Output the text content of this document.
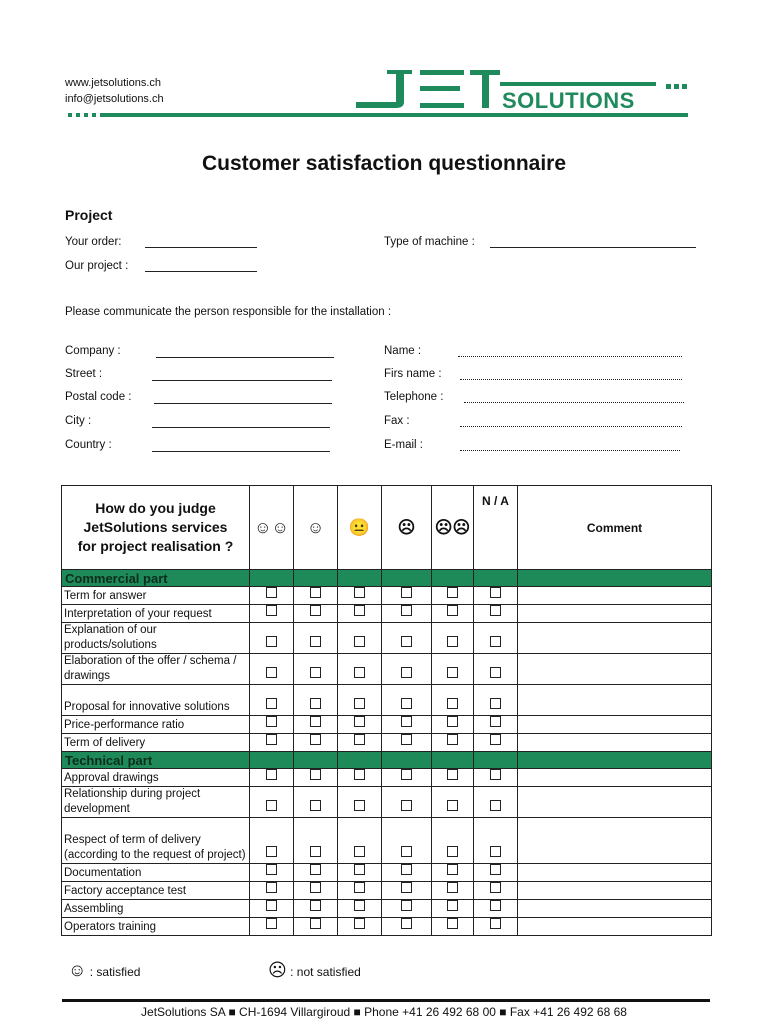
www.jetsolutions.ch
info@jetsolutions.ch	SOLUTIONS
Customer satisfaction questionnaire
Project
Your order:
Our project :
Type of machine :
Please communicate the person responsible for the installation :
Company :
Street :
Postal code :
City :
Country :
Name :
Firs name :
Telephone :
Fax :
E-mail :
How do you judge
JetSolutions services
for project realisation ?	☺☺	☺	😐	☹	☹☹	N / A	Comment
Commercial part							
Term for answer							
Interpretation of your request							
Explanation of our products/solutions							
Elaboration of the offer / schema / drawings							
Proposal for innovative solutions							
Price-performance ratio							
Term of delivery							
Technical part							
Approval drawings							
Relationship during project development							
Respect of term of delivery (according to the request of project)							
Documentation							
Factory acceptance test							
Assembling							
Operators training							
☺ : satisfied	☹ : not satisfied
JetSolutions SA ■ CH-1694 Villargiroud ■ Phone +41 26 492 68 00 ■ Fax +41 26 492 68 68
